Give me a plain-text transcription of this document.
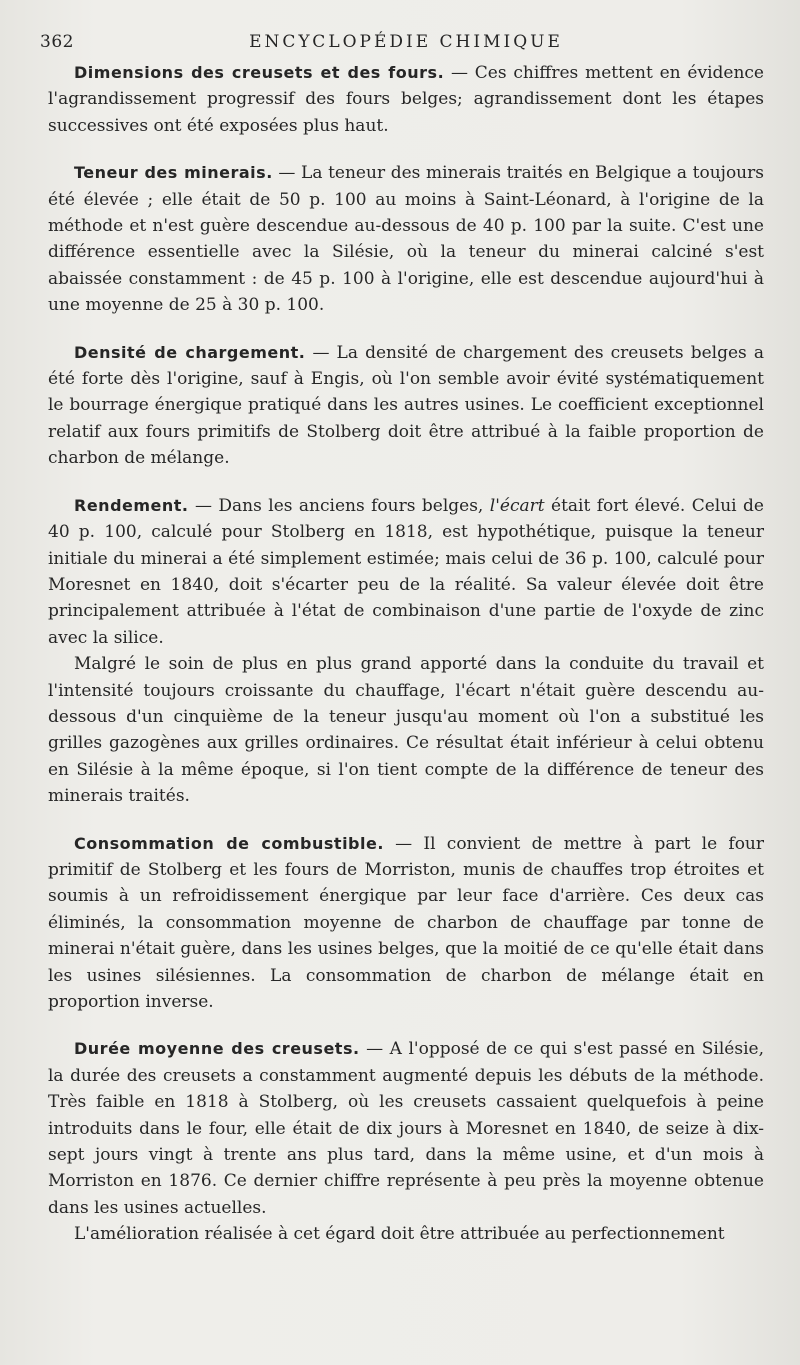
362	ENCYCLOPÉDIE CHIMIQUE

Dimensions des creusets et des fours. — Ces chiffres mettent en évidence l'agrandissement progressif des fours belges; agrandissement dont les étapes successives ont été exposées plus haut.

Teneur des minerais. — La teneur des minerais traités en Belgique a toujours été élevée ; elle était de 50 p. 100 au moins à Saint-Léonard, à l'origine de la méthode et n'est guère descendue au-dessous de 40 p. 100 par la suite. C'est une différence essentielle avec la Silésie, où la teneur du minerai calciné s'est abaissée constamment : de 45 p. 100 à l'origine, elle est descendue aujourd'hui à une moyenne de 25 à 30 p. 100.

Densité de chargement. — La densité de chargement des creusets belges a été forte dès l'origine, sauf à Engis, où l'on semble avoir évité systématiquement le bourrage énergique pratiqué dans les autres usines. Le coefficient exceptionnel relatif aux fours primitifs de Stolberg doit être attribué à la faible proportion de charbon de mélange.

Rendement. — Dans les anciens fours belges, l'écart était fort élevé. Celui de 40 p. 100, calculé pour Stolberg en 1818, est hypothétique, puisque la teneur initiale du minerai a été simplement estimée; mais celui de 36 p. 100, calculé pour Moresnet en 1840, doit s'écarter peu de la réalité. Sa valeur élevée doit être principalement attribuée à l'état de combinaison d'une partie de l'oxyde de zinc avec la silice.

Malgré le soin de plus en plus grand apporté dans la conduite du travail et l'intensité toujours croissante du chauffage, l'écart n'était guère descendu au-dessous d'un cinquième de la teneur jusqu'au moment où l'on a substitué les grilles gazogènes aux grilles ordinaires. Ce résultat était inférieur à celui obtenu en Silésie à la même époque, si l'on tient compte de la différence de teneur des minerais traités.

Consommation de combustible. — Il convient de mettre à part le four primitif de Stolberg et les fours de Morriston, munis de chauffes trop étroites et soumis à un refroidissement énergique par leur face d'arrière. Ces deux cas éliminés, la consommation moyenne de charbon de chauffage par tonne de minerai n'était guère, dans les usines belges, que la moitié de ce qu'elle était dans les usines silésiennes. La consommation de charbon de mélange était en proportion inverse.

Durée moyenne des creusets. — A l'opposé de ce qui s'est passé en Silésie, la durée des creusets a constamment augmenté depuis les débuts de la méthode. Très faible en 1818 à Stolberg, où les creusets cassaient quelquefois à peine introduits dans le four, elle était de dix jours à Moresnet en 1840, de seize à dix-sept jours vingt à trente ans plus tard, dans la même usine, et d'un mois à Morriston en 1876. Ce dernier chiffre représente à peu près la moyenne obtenue dans les usines actuelles.

L'amélioration réalisée à cet égard doit être attribuée au perfectionnement
